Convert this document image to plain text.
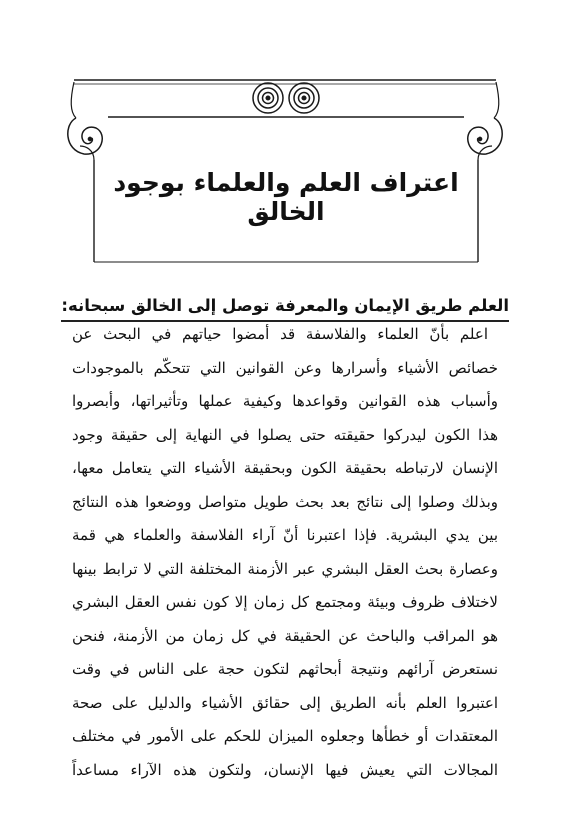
اعتراف العلم والعلماء بوجود الخالق
العلم طريق الإيمان والمعرفة توصل إلى الخالق سبحانه:
اعلم بأنّ العلماء والفلاسفة قد أمضوا حياتهم في البحث عن
خصائص الأشياء وأسرارها وعن القوانين التي تتحكّم بالموجودات
وأسباب هذه القوانين وقواعدها وكيفية عملها وتأثيراتها، وأبصروا
هذا الكون ليدركوا حقيقته حتى يصلوا في النهاية إلى حقيقة وجود
الإنسان لارتباطه بحقيقة الكون وبحقيقة الأشياء التي يتعامل معها،
وبذلك وصلوا إلى نتائج بعد بحث طويل متواصل ووضعوا هذه النتائج
بين يدي البشرية. فإذا اعتبرنا أنّ آراء الفلاسفة والعلماء هي قمة
وعصارة بحث العقل البشري عبر الأزمنة المختلفة التي لا ترابط بينها
لاختلاف ظروف وبيئة ومجتمع كل زمان إلا كون نفس العقل البشري
هو المراقب والباحث عن الحقيقة في كل زمان من الأزمنة، فنحن
نستعرض آرائهم ونتيجة أبحاثهم لتكون حجة على الناس في وقت
اعتبروا العلم بأنه الطريق إلى حقائق الأشياء والدليل على صحة
المعتقدات أو خطأها وجعلوه الميزان للحكم على الأمور في مختلف
المجالات التي يعيش فيها الإنسان، ولتكون هذه الآراء مساعداً
